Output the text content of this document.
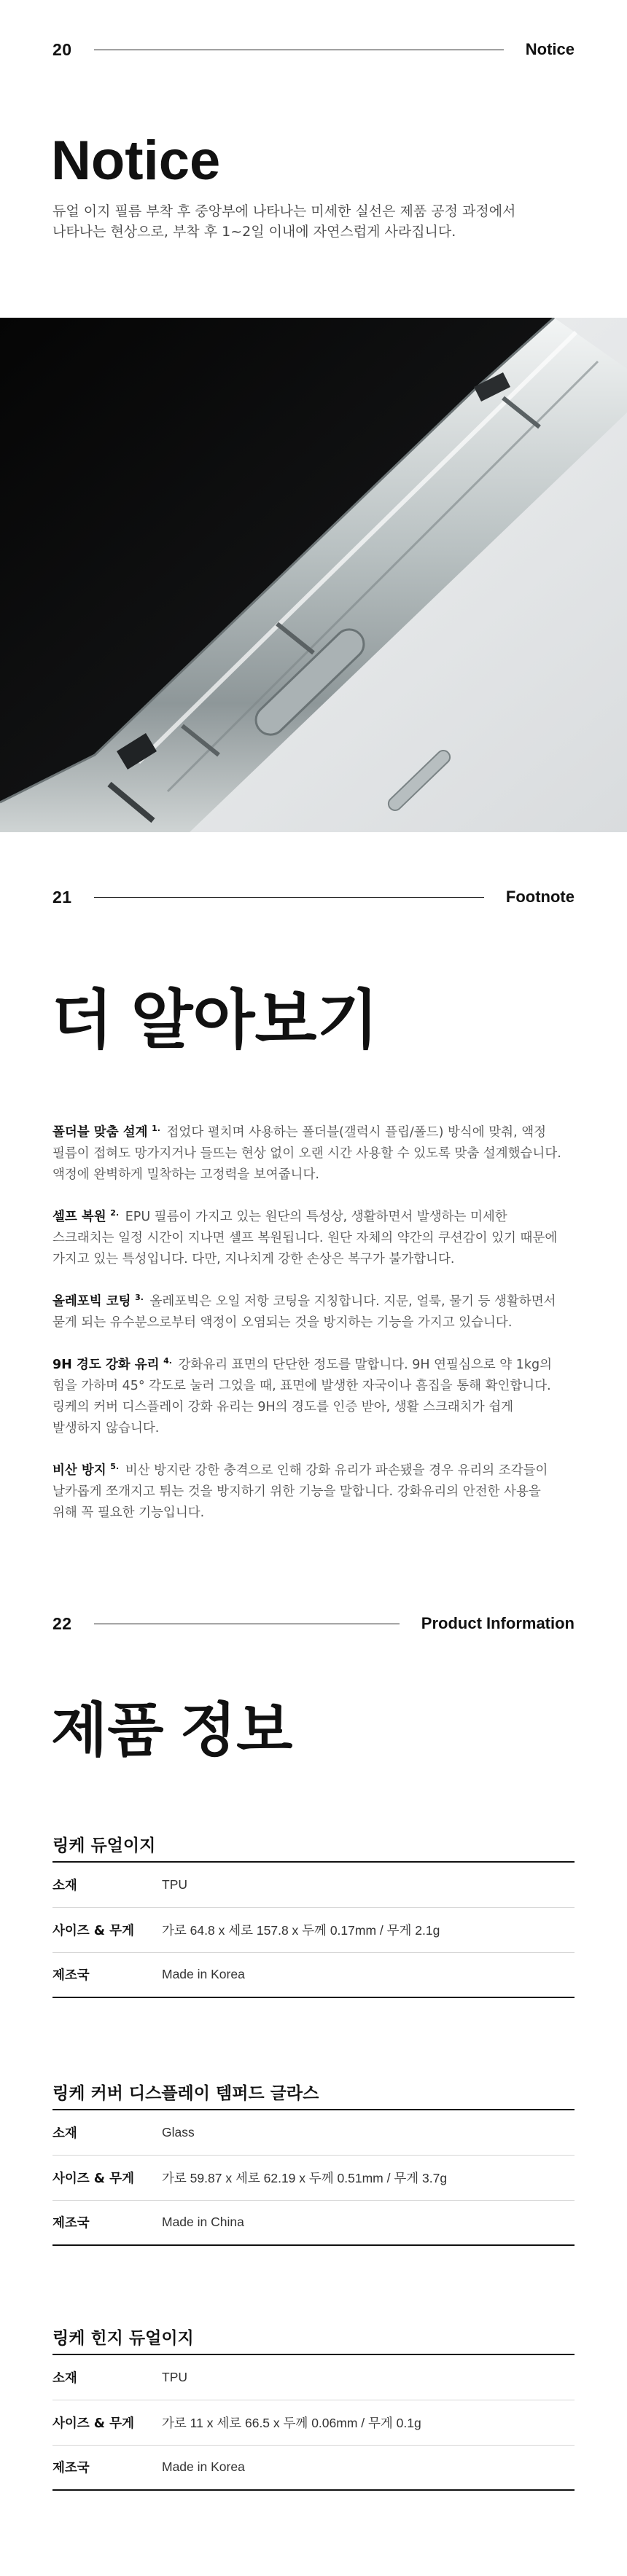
20	Notice
Notice
듀얼 이지 필름 부착 후 중앙부에 나타나는 미세한 실선은 제품 공정 과정에서
나타나는 현상으로, 부착 후 1~2일 이내에 자연스럽게 사라집니다.
21	Footnote
더 알아보기
폴더블 맞춤 설계 $^{1.}$ 접었다 펼치며 사용하는 폴더블(갤럭시 플립/폴드) 방식에 맞춰, 액정
필름이 접혀도 망가지거나 들뜨는 현상 없이 오랜 시간 사용할 수 있도록 맞춤 설계했습니다.
액정에 완벽하게 밀착하는 고정력을 보여줍니다.
셀프 복원 $^{2.}$ EPU 필름이 가지고 있는 원단의 특성상, 생활하면서 발생하는 미세한
스크래치는 일정 시간이 지나면 셀프 복원됩니다. 원단 자체의 약간의 쿠션감이 있기 때문에
가지고 있는 특성입니다. 다만, 지나치게 강한 손상은 복구가 불가합니다.
올레포빅 코팅 $^{3.}$ 올레포빅은 오일 저항 코팅을 지칭합니다. 지문, 얼룩, 물기 등 생활하면서
묻게 되는 유수분으로부터 액정이 오염되는 것을 방지하는 기능을 가지고 있습니다.
9H 경도 강화 유리 $^{4.}$ 강화유리 표면의 단단한 정도를 말합니다. 9H 연필심으로 약 1kg의
힘을 가하며 45° 각도로 눌러 그었을 때, 표면에 발생한 자국이나 흠집을 통해 확인합니다.
링케의 커버 디스플레이 강화 유리는 9H의 경도를 인증 받아, 생활 스크래치가 쉽게
발생하지 않습니다.
비산 방지 $^{5.}$ 비산 방지란 강한 충격으로 인해 강화 유리가 파손됐을 경우 유리의 조각들이
날카롭게 쪼개지고 튀는 것을 방지하기 위한 기능을 말합니다. 강화유리의 안전한 사용을
위해 꼭 필요한 기능입니다.
22	Product Information
제품 정보
링케 듀얼이지
소재	TPU
사이즈 & 무게	가로 64.8 x 세로 157.8 x 두께 0.17mm / 무게 2.1g
제조국	Made in Korea
링케 커버 디스플레이 템퍼드 글라스
소재	Glass
사이즈 & 무게	가로 59.87 x 세로 62.19 x 두께 0.51mm / 무게 3.7g
제조국	Made in China
링케 힌지 듀얼이지
소재	TPU
사이즈 & 무게	가로 11 x 세로 66.5 x 두께 0.06mm / 무게 0.1g
제조국	Made in Korea
